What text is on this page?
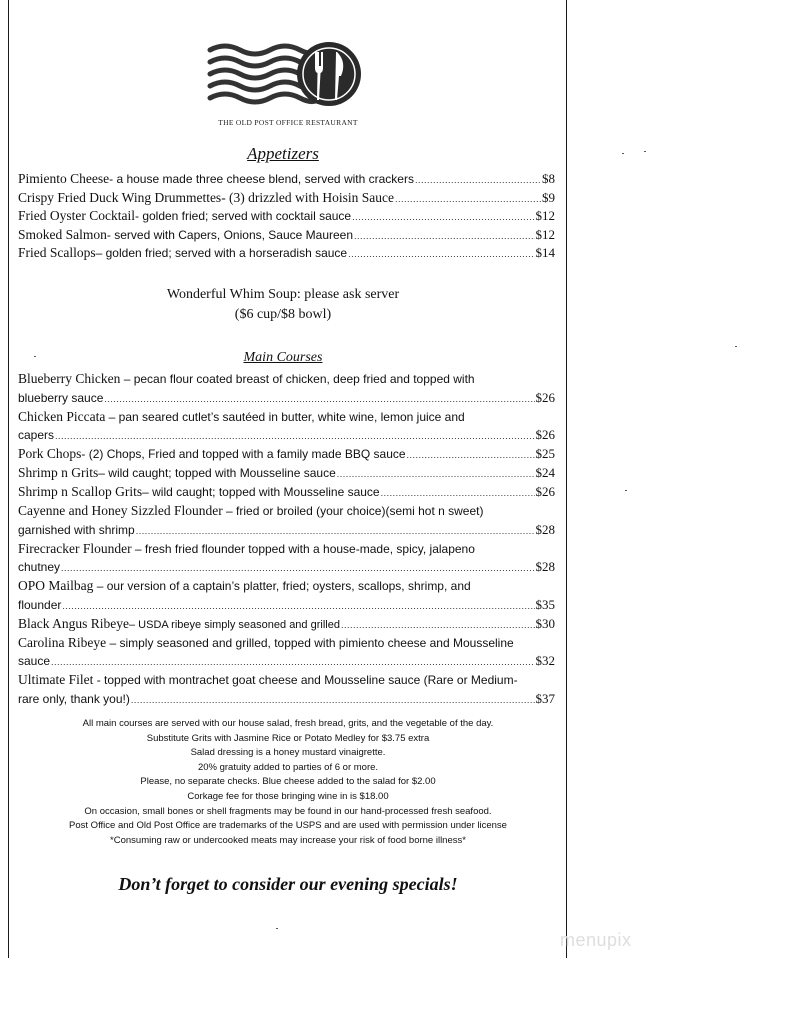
THE OLD POST OFFICE RESTAURANT
Appetizers
Pimiento Cheese - a house made three cheese blend, served with crackers .....	$8
Crispy Fried Duck Wing Drummettes - (3) drizzled with Hoisin Sauce .....	$9
Fried Oyster Cocktail - golden fried; served with cocktail sauce .....	$12
Smoked Salmon - served with Capers, Onions, Sauce Maureen .....	$12
Fried Scallops – golden fried; served with a horseradish sauce .....	$14
Wonderful Whim Soup: please ask server
($6 cup/$8 bowl)
Main Courses
Blueberry Chicken – pecan flour coated breast of chicken, deep fried and topped with
blueberry sauce .....	$26
Chicken Piccata – pan seared cutlet’s sautéed in butter, white wine, lemon juice and
capers .....	$26
Pork Chops - (2) Chops, Fried and topped with a family made BBQ sauce .....	$25
Shrimp n Grits – wild caught; topped with Mousseline sauce .....	$24
Shrimp n Scallop Grits – wild caught; topped with Mousseline sauce .....	$26
Cayenne and Honey Sizzled Flounder – fried or broiled (your choice)(semi hot n sweet)
garnished with shrimp .....	$28
Firecracker Flounder – fresh fried flounder topped with a house-made, spicy, jalapeno
chutney .....	$28
OPO Mailbag – our version of a captain’s platter, fried; oysters, scallops, shrimp, and
flounder .....	$35
Black Angus Ribeye – USDA ribeye simply seasoned and grilled .....	$30
Carolina Ribeye – simply seasoned and grilled, topped with pimiento cheese and Mousseline
sauce .....	$32
Ultimate Filet - topped with montrachet goat cheese and Mousseline sauce (Rare or Medium-
rare only, thank you!) .....	$37
All main courses are served with our house salad, fresh bread, grits, and the vegetable of the day.
Substitute Grits with Jasmine Rice or Potato Medley for $3.75 extra
Salad dressing is a honey mustard vinaigrette.
20% gratuity added to parties of 6 or more.
Please, no separate checks. Blue cheese added to the salad for $2.00
Corkage fee for those bringing wine in is $18.00
On occasion, small bones or shell fragments may be found in our hand-processed fresh seafood.
Post Office and Old Post Office are trademarks of the USPS and are used with permission under license
*Consuming raw or undercooked meats may increase your risk of food borne illness*
Don’t forget to consider our evening specials!
menupix
